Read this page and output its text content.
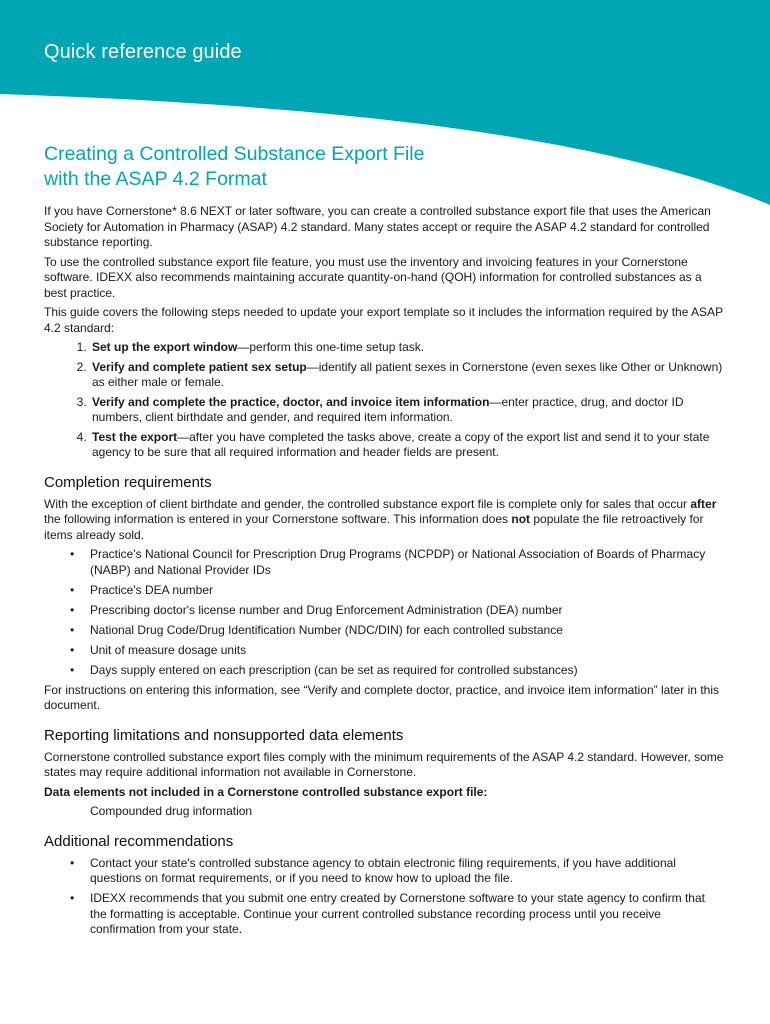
Quick reference guide
Creating a Controlled Substance Export File
with the ASAP 4.2 Format

If you have Cornerstone* 8.6 NEXT or later software, you can create a controlled substance export file that uses the American Society for Automation in Pharmacy (ASAP) 4.2 standard. Many states accept or require the ASAP 4.2 standard for controlled substance reporting.

To use the controlled substance export file feature, you must use the inventory and invoicing features in your Cornerstone software. IDEXX also recommends maintaining accurate quantity-on-hand (QOH) information for controlled substances as a best practice.

This guide covers the following steps needed to update your export template so it includes the information required by the ASAP 4.2 standard:

1. Set up the export window—perform this one-time setup task.
2. Verify and complete patient sex setup—identify all patient sexes in Cornerstone (even sexes like Other or Unknown) as either male or female.
3. Verify and complete the practice, doctor, and invoice item information—enter practice, drug, and doctor ID numbers, client birthdate and gender, and required item information.
4. Test the export—after you have completed the tasks above, create a copy of the export list and send it to your state agency to be sure that all required information and header fields are present.
Completion requirements

With the exception of client birthdate and gender, the controlled substance export file is complete only for sales that occur after the following information is entered in your Cornerstone software. This information does not populate the file retroactively for items already sold.

• Practice's National Council for Prescription Drug Programs (NCPDP) or National Association of Boards of Pharmacy (NABP) and National Provider IDs
• Practice's DEA number
• Prescribing doctor's license number and Drug Enforcement Administration (DEA) number
• National Drug Code/Drug Identification Number (NDC/DIN) for each controlled substance
• Unit of measure dosage units
• Days supply entered on each prescription (can be set as required for controlled substances)

For instructions on entering this information, see “Verify and complete doctor, practice, and invoice item information” later in this document.

Reporting limitations and nonsupported data elements

Cornerstone controlled substance export files comply with the minimum requirements of the ASAP 4.2 standard. However, some states may require additional information not available in Cornerstone.

Data elements not included in a Cornerstone controlled substance export file:

Compounded drug information

Additional recommendations
• Contact your state's controlled substance agency to obtain electronic filing requirements, if you have additional questions on format requirements, or if you need to know how to upload the file.
• IDEXX recommends that you submit one entry created by Cornerstone software to your state agency to confirm that the formatting is acceptable. Continue your current controlled substance recording process until you receive confirmation from your state.
